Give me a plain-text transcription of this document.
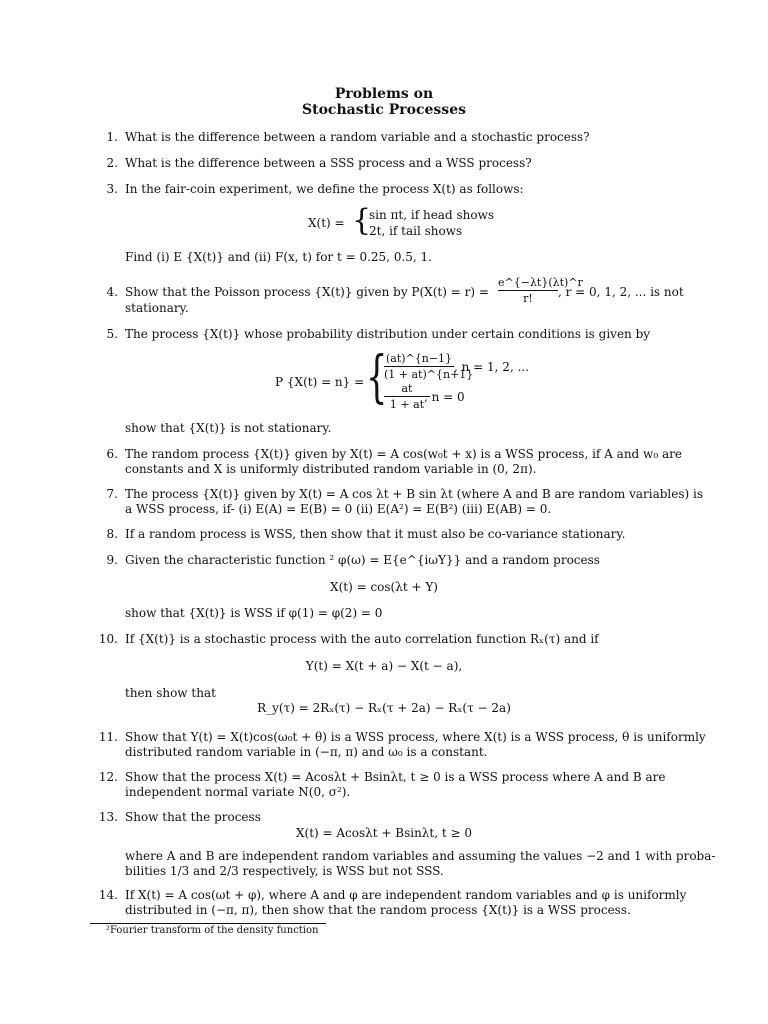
Problems on
Stochastic Processes
1. What is the difference between a random variable and a stochastic process?
2. What is the difference between a SSS process and a WSS process?
3. In the fair-coin experiment, we define the process X(t) as follows:
X(t) = {
sin πt, if head shows
2t, if tail shows
Find (i) E {X(t)} and (ii) F(x, t) for t = 0.25, 0.5, 1.
4. Show that the Poisson process {X(t)} given by P(X(t) = r) =
e^{−λt}(λt)^r
r!	, r = 0, 1, 2, ... is not
stationary.
5. The process {X(t)} whose probability distribution under certain conditions is given by
P {X(t) = n} = {
(at)^{n−1}
(1 + at)^{n+1}
, n = 1, 2, ...
at
1 + at
, n = 0
show that {X(t)} is not stationary.
6. The random process {X(t)} given by X(t) = A cos(w₀t + x) is a WSS process, if A and w₀ are
constants and X is uniformly distributed random variable in (0, 2π).
7. The process {X(t)} given by X(t) = A cos λt + B sin λt (where A and B are random variables) is
a WSS process, if- (i) E(A) = E(B) = 0 (ii) E(A²) = E(B²) (iii) E(AB) = 0.
8. If a random process is WSS, then show that it must also be co-variance stationary.
9. Given the characteristic function ² φ(ω) = E{e^{iωY}} and a random process
X(t) = cos(λt + Y)
show that {X(t)} is WSS if φ(1) = φ(2) = 0
10. If {X(t)} is a stochastic process with the auto correlation function Rₓ(τ) and if
Y(t) = X(t + a) − X(t − a),
then show that
R_y(τ) = 2Rₓ(τ) − Rₓ(τ + 2a) − Rₓ(τ − 2a)
11. Show that Y(t) = X(t)cos(ω₀t + θ) is a WSS process, where X(t) is a WSS process, θ is uniformly
distributed random variable in (−π, π) and ω₀ is a constant.
12. Show that the process X(t) = Acosλt + Bsinλt, t ≥ 0 is a WSS process where A and B are
independent normal variate N(0, σ²).
13. Show that the process
X(t) = Acosλt + Bsinλt, t ≥ 0
where A and B are independent random variables and assuming the values −2 and 1 with proba-
bilities 1/3 and 2/3 respectively, is WSS but not SSS.
14. If X(t) = A cos(ωt + φ), where A and φ are independent random variables and φ is uniformly
distributed in (−π, π), then show that the random process {X(t)} is a WSS process.
²Fourier transform of the density function
